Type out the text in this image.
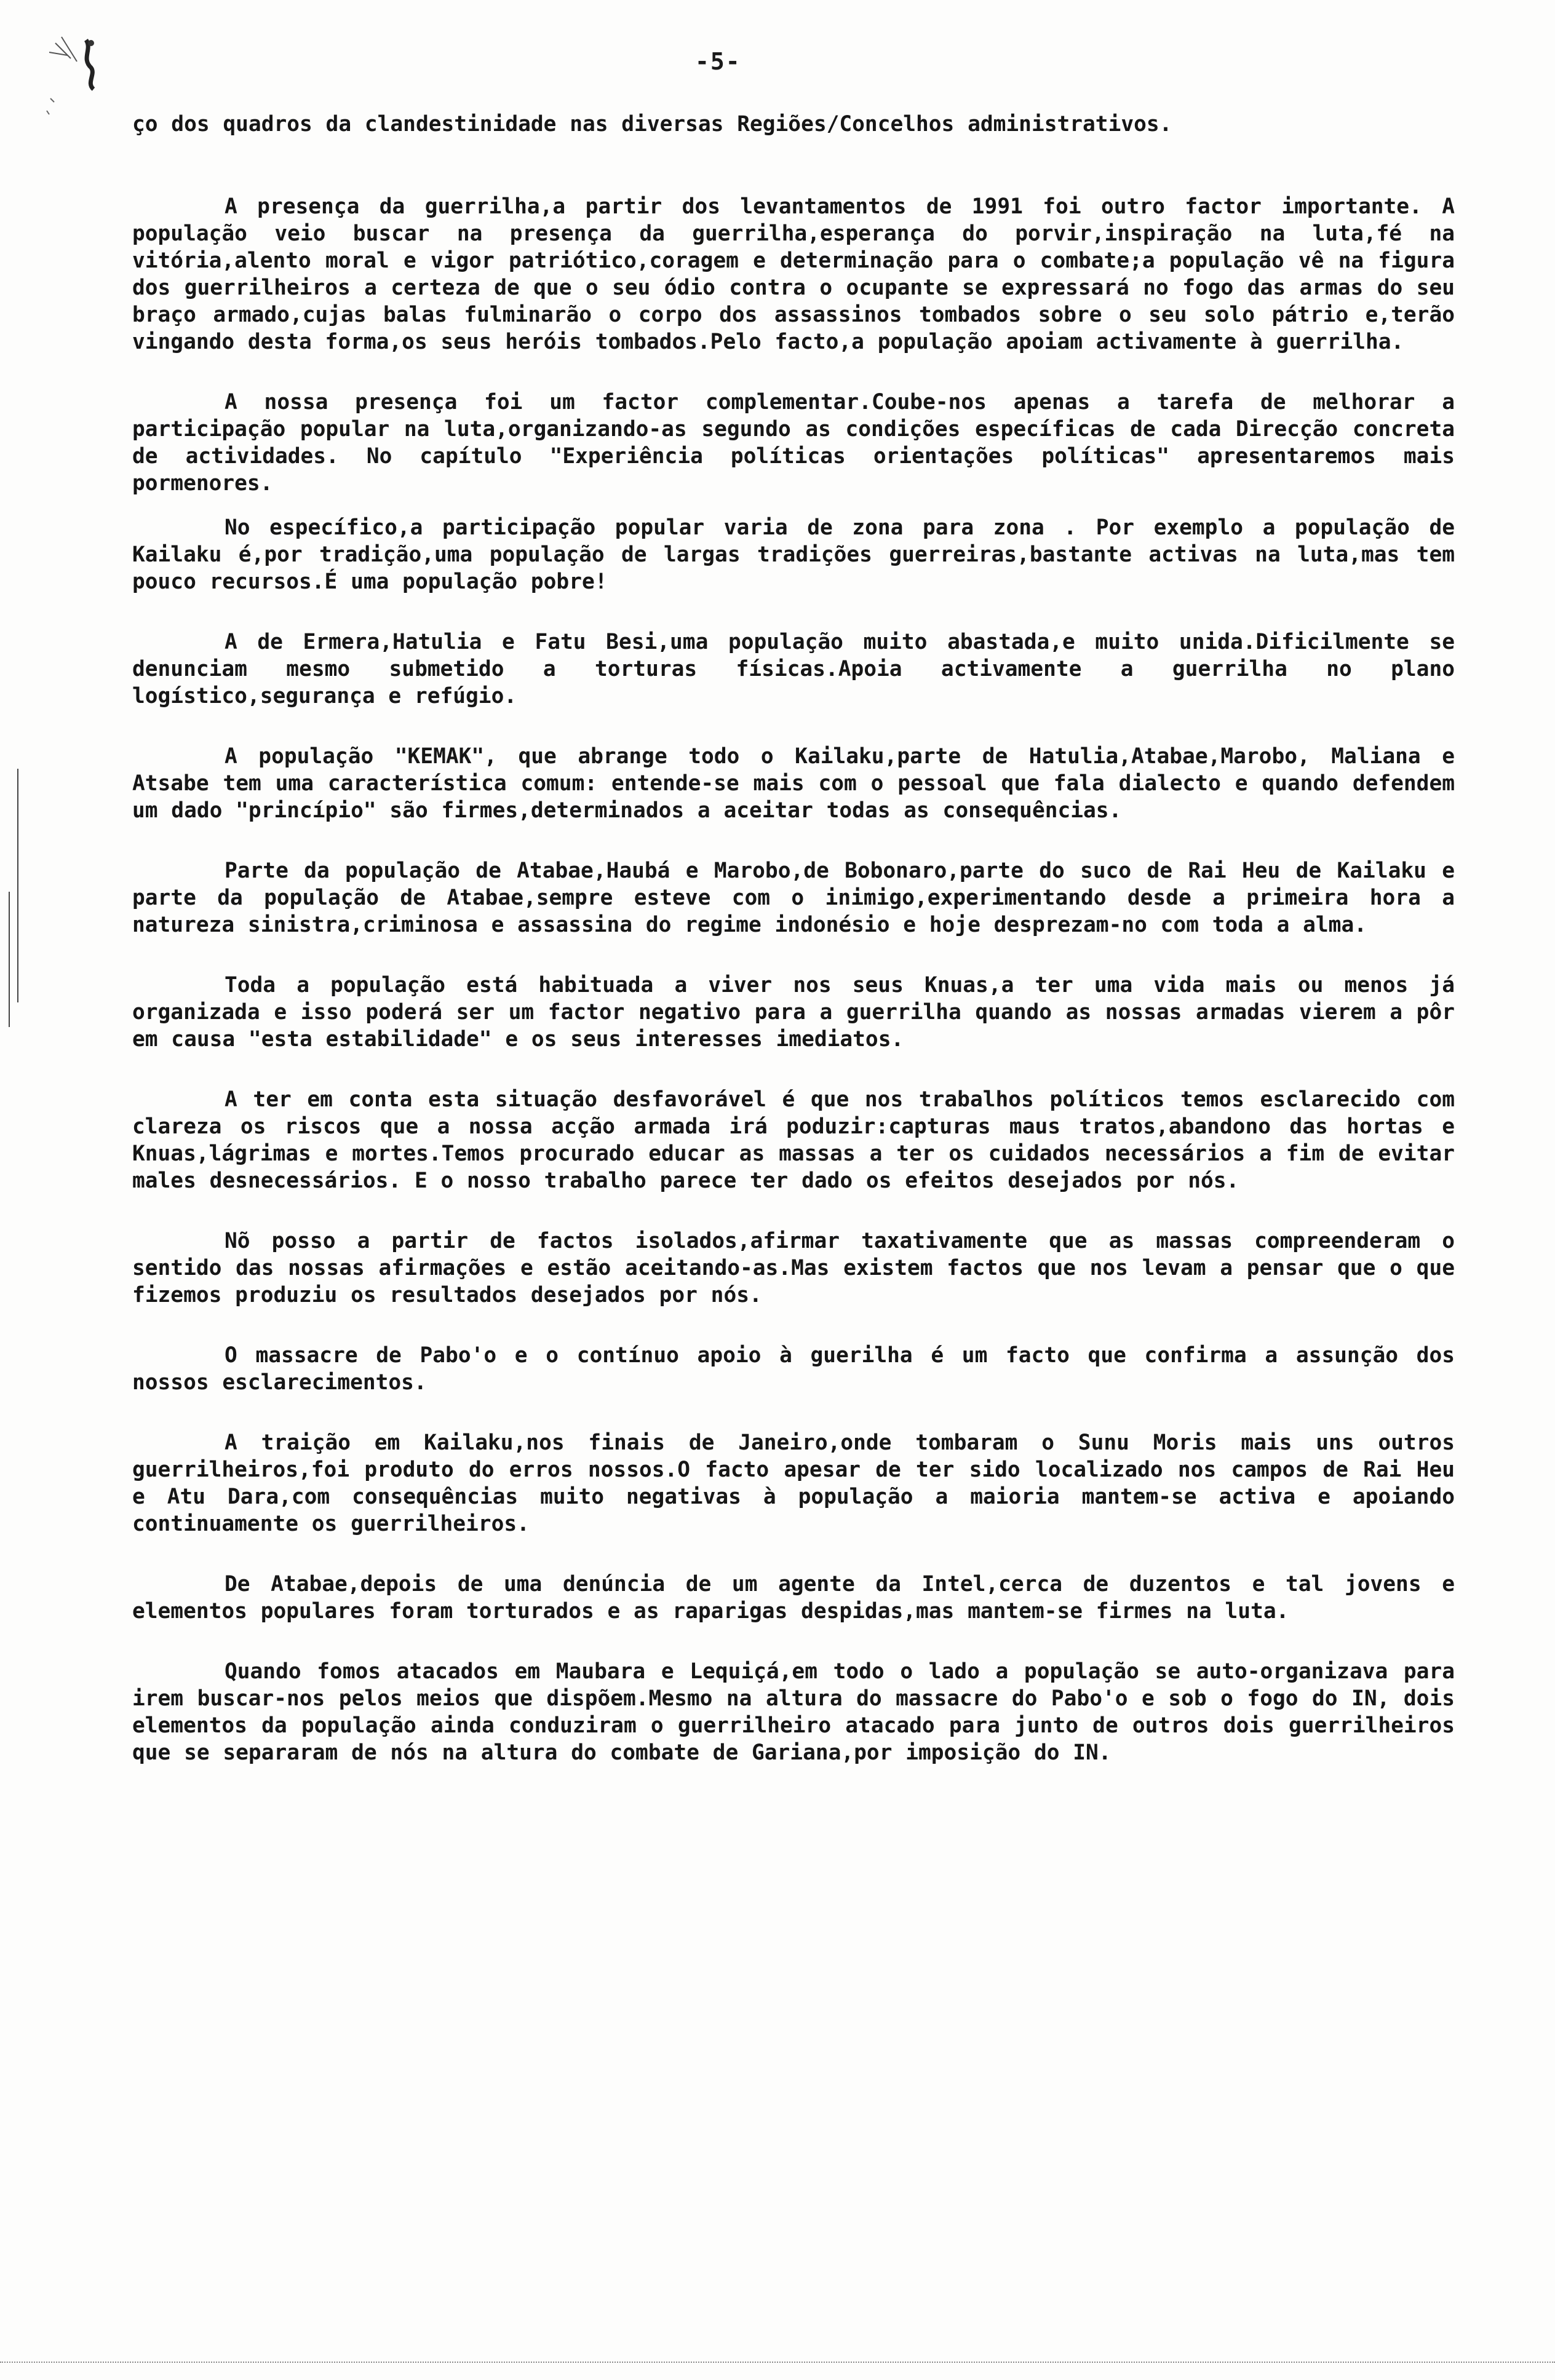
-5-

ço dos quadros da clandestinidade nas diversas Regiões/Concelhos administrativos.

A presença da guerrilha,a partir dos levantamentos de 1991 foi outro factor importante. A população veio buscar na presença da guerrilha,esperança do porvir,inspiração na luta,fé na vitória,alento moral e vigor patriótico,coragem e determinação para o combate;a população vê na figura dos guerrilheiros a certeza de que o seu ódio contra o ocupante se expressará no fogo das armas do seu braço armado,cujas balas fulminarão o corpo dos assassinos tombados sobre o seu solo pátrio e,terão vingando desta forma,os seus heróis tombados.Pelo facto,a população apoiam activamente à guerrilha.

A nossa presença foi um factor complementar.Coube-nos apenas a tarefa de melhorar a participação popular na luta,organizando-as segundo as condições específicas de cada Direcção concreta de actividades. No capítulo "Experiência políticas orientações políticas" apresentaremos mais pormenores.

No específico,a participação popular varia de zona para zona . Por exemplo a população de Kailaku é,por tradição,uma população de largas tradições guerreiras,bastante activas na luta,mas tem pouco recursos.É uma população pobre!

A de Ermera,Hatulia e Fatu Besi,uma população muito abastada,e muito unida.Dificilmente se denunciam mesmo submetido a torturas físicas.Apoia activamente a guerrilha no plano logístico,segurança e refúgio.

A população "KEMAK", que abrange todo o Kailaku,parte de Hatulia,Atabae,Marobo, Maliana e Atsabe tem uma característica comum: entende-se mais com o pessoal que fala dialecto e quando defendem um dado "princípio" são firmes,determinados a aceitar todas as consequências.

Parte da população de Atabae,Haubá e Marobo,de Bobonaro,parte do suco de Rai Heu de Kailaku e parte da população de Atabae,sempre esteve com o inimigo,experimentando desde a primeira hora a natureza sinistra,criminosa e assassina do regime indonésio e hoje desprezam-no com toda a alma.

Toda a população está habituada a viver nos seus Knuas,a ter uma vida mais ou menos já organizada e isso poderá ser um factor negativo para a guerrilha quando as nossas armadas vierem a pôr em causa "esta estabilidade" e os seus interesses imediatos.

A ter em conta esta situação desfavorável é que nos trabalhos políticos temos esclarecido com clareza os riscos que a nossa acção armada irá poduzir:capturas maus tratos,abandono das hortas e Knuas,lágrimas e mortes.Temos procurado educar as massas a ter os cuidados necessários a fim de evitar males desnecessários. E o nosso trabalho parece ter dado os efeitos desejados por nós.

Nõ posso a partir de factos isolados,afirmar taxativamente que as massas compreenderam o sentido das nossas afirmações e estão aceitando-as.Mas existem factos que nos levam a pensar que o que fizemos produziu os resultados desejados por nós.

O massacre de Pabo'o e o contínuo apoio à guerilha é um facto que confirma a assunção dos nossos esclarecimentos.

A traição em Kailaku,nos finais de Janeiro,onde tombaram o Sunu Moris mais uns outros guerrilheiros,foi produto do erros nossos.O facto apesar de ter sido localizado nos campos de Rai Heu e Atu Dara,com consequências muito negativas à população a maioria mantem-se activa e apoiando continuamente os guerrilheiros.

De Atabae,depois de uma denúncia de um agente da Intel,cerca de duzentos e tal jovens e elementos populares foram torturados e as raparigas despidas,mas mantem-se firmes na luta.

Quando fomos atacados em Maubara e Lequiçá,em todo o lado a população se auto-organizava para irem buscar-nos pelos meios que dispõem.Mesmo na altura do massacre do Pabo'o e sob o fogo do IN, dois elementos da população ainda conduziram o guerrilheiro atacado para junto de outros dois guerrilheiros que se separaram de nós na altura do combate de Gariana,por imposição do IN.
